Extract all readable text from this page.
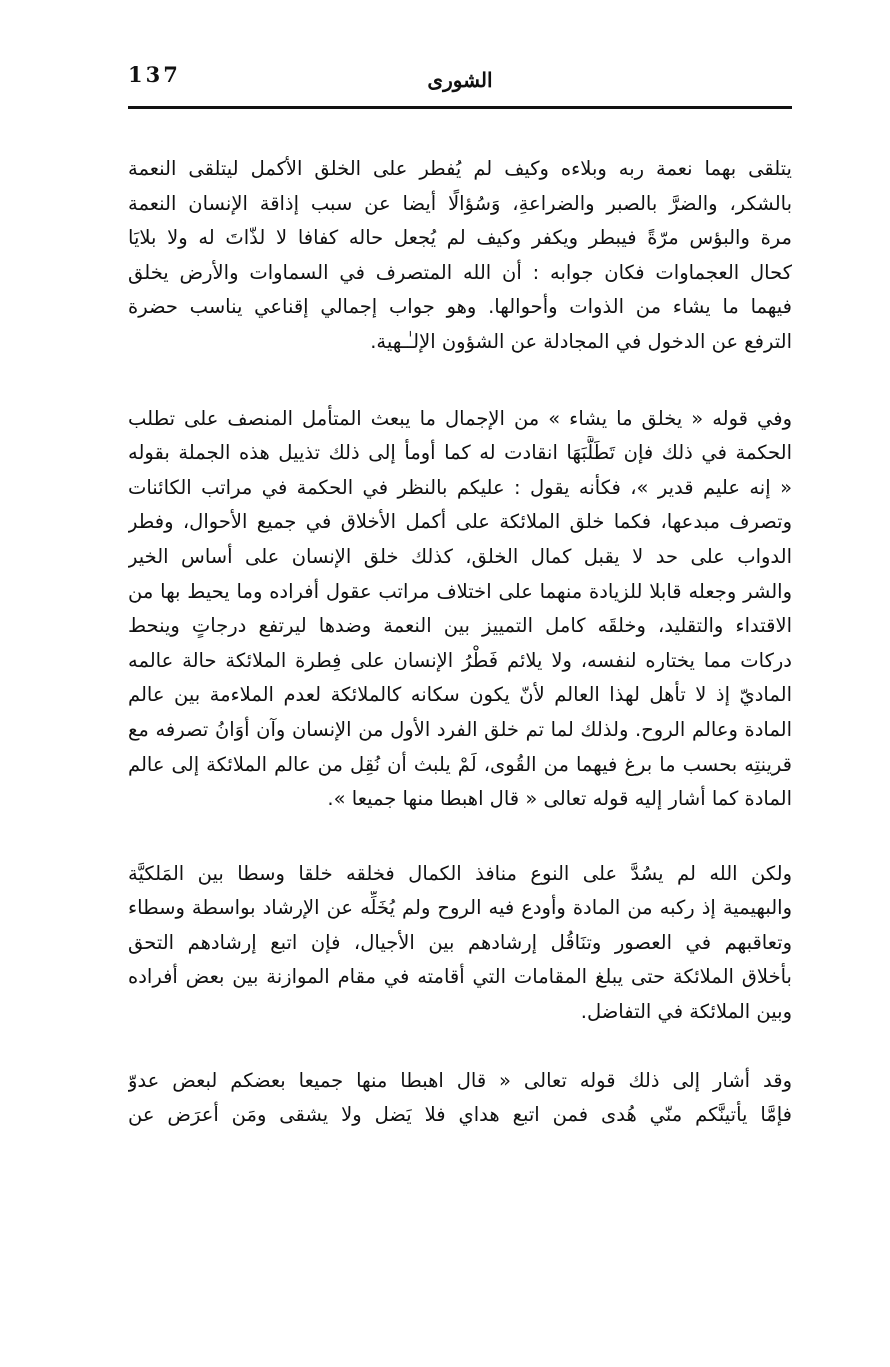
137	الشورى
يتلقى بهما نعمة ربه وبلاءه وكيف لم يُفطر على الخلق الأكمل ليتلقى النعمة
بالشكر، والضرَّ بالصبر والضراعةِ، وَسُؤالًا أيضا عن سبب إذاقة الإنسان النعمة
مرة والبؤس مرّةً فيبطر ويكفر وكيف لم يُجعل حاله كفافا لا لذّاتَ له ولا بلايَا
كحال العجماوات فكان جوابه : أن الله المتصرف في السماوات والأرض يخلق
فيهما ما يشاء من الذوات وأحوالها. وهو جواب إجمالي إقناعي يناسب حضرة
الترفع عن الدخول في المجادلة عن الشؤون الإلـٰـهية.
وفي قوله « يخلق ما يشاء » من الإجمال ما يبعث المتأمل المنصف على تطلب
الحكمة في ذلك فإن تَطَلَّبَهَا انقادت له كما أومأ إلى ذلك تذييل هذه الجملة بقوله
« إنه عليم قدير »، فكأنه يقول : عليكم بالنظر في الحكمة في مراتب الكائنات
وتصرف مبدعها، فكما خلق الملائكة على أكمل الأخلاق في جميع الأحوال، وفطر
الدواب على حد لا يقبل كمال الخلق، كذلك خلق الإنسان على أساس الخير
والشر وجعله قابلا للزيادة منهما على اختلاف مراتب عقول أفراده وما يحيط بها من
الاقتداء والتقليد، وخلقَه كامل التمييز بين النعمة وضدها ليرتفع درجاتٍ وينحط
دركات مما يختاره لنفسه، ولا يلائم فَطْرُ الإنسان على فِطرة الملائكة حالة عالمه
الماديّ إذ لا تأهل لهذا العالم لأنّ يكون سكانه كالملائكة لعدم الملاءمة بين عالم
المادة وعالم الروح. ولذلك لما تم خلق الفرد الأول من الإنسان وآن أوَانُ تصرفه مع
قرينتِه بحسب ما برغ فيهما من القُوى، لَمْ يلبث أن نُقِل من عالم الملائكة إلى عالم
المادة كما أشار إليه قوله تعالى « قال اهبطا منها جميعا ».
ولكن الله لم يسُدَّ على النوع منافذ الكمال فخلقه خلقا وسطا بين المَلكيَّة
والبهيمية إذ ركبه من المادة وأودع فيه الروح ولم يُخَلِّه عن الإرشاد بواسطة وسطاء
وتعاقبهم في العصور وتنَاقُل إرشادهم بين الأجيال، فإن اتبع إرشادهم التحق
بأخلاق الملائكة حتى يبلغ المقامات التي أقامته في مقام الموازنة بين بعض أفراده
وبين الملائكة في التفاضل.
وقد أشار إلى ذلك قوله تعالى « قال اهبطا منها جميعا بعضكم لبعض عدوّ
فإمَّا يأتينَّكم منّي هُدى فمن اتبع هداي فلا يَضل ولا يشقى ومَن أعرَض عن
